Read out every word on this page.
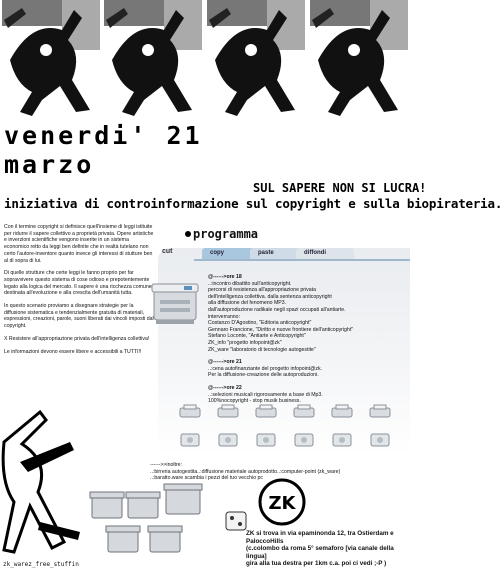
venerdi' 21 marzo
SUL SAPERE NON SI LUCRA!
iniziativa di controinformazione sul copyright e sulla biopirateria.

Con il termine copyright si definisce quell'insieme di leggi istituite per ridurre il sapere collettivo a proprietà privata. Opere artistiche e inverzioni scientifiche vengono inserite in un sistema economico retto da leggi ben definite che in realtà tutelano non certo l'autore-inventore quanto invece gli interessi di stutture ben al di sopra di lui.

Di quelle strutture che certe leggi le fanno proprio per far sopravvivere questo sistema di cose odioso e prepotentemente legato alla logica del mercato. Il sapere è una ricchezza comune destinata all'evoluzione e alla crescita dell'umanità tutta.

In questo scenario proviamo a disegnare strategie per la diffusione sistematica e tendenzialmente gratuita di materiali, espressioni, creazioni, parole, suoni liberati dai vincoli imposti dal copyright.

X Resistere all'appropriazione privata dell'intelligenza collettiva!

Le informazioni devono essere libere e accessibili a TUTTI!!

programma
cut	copy	paste	diffondi
@------>ore 18
..:incontro dibattito sull'anticopyright.
percorsi di resistenza all'appropriazione privata
dell'intelligenza collettiva. dalla sentenza anticopyright
alla diffusione del fenomeno MP3.
dall'autoproduzione radikale negli spazi occupati all'antiarte.
interverranno:
Costanzo D'Agostino, "Editoria anticopyright"
Gennaro Francione, "Diritto e nuove frontiere dell'anticopyright"
Stefano Loconte, "Antiarte e Anticopyright"
ZK_info "progetto infopoint@zk"
ZK_ware "laboratorio di tecnologie autogestite"
@------>ore 21
..:cena autofinanziante del progetto infopoint@zk.
Per la diffusione-creazione delle autoproduzioni.
@------>ore 22
..:selezioni musicali rigorosamente a base di Mp3.
100%nocopyright - stop musik business.
------>>inoltre:
..:birreria autogestita..:diffusione materiale autoprodotto..:computer-point (zk_ware)
..:baratto.ware scambia i pezzi del tuo vecchio pc
ZK
ZK si trova in via epaminonda 12, tra Ostierdam e PaloccoHills
(c.colombo da roma 5° semaforo [via canale della lingua]
gira alla tua destra per 1km c.a. poi ci vedi ;-P )
zk_warez_free_stuffin
